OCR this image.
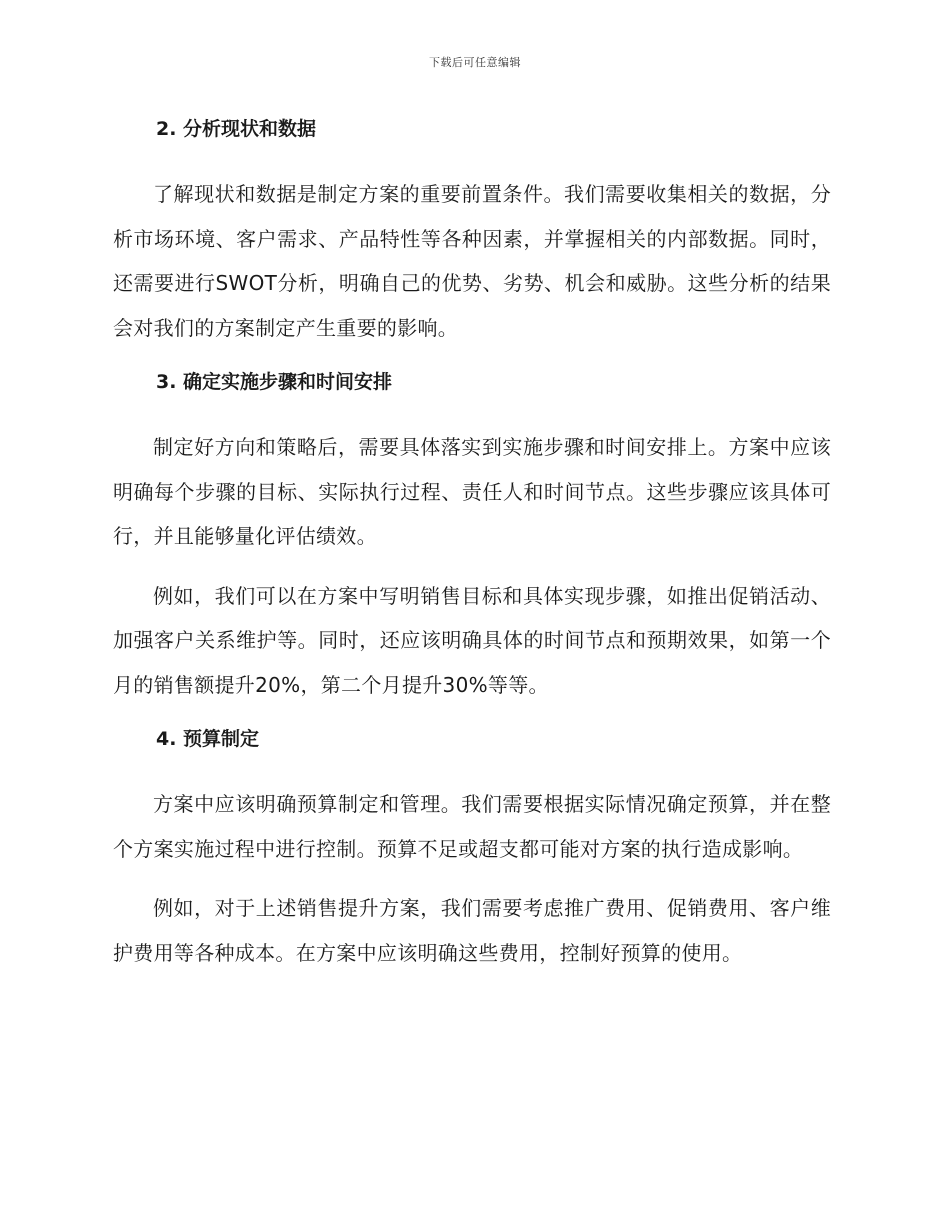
下载后可任意编辑
2. 分析现状和数据

了解现状和数据是制定方案的重要前置条件。我们需要收集相关的数据，分析市场环境、客户需求、产品特性等各种因素，并掌握相关的内部数据。同时，还需要进行SWOT分析，明确自己的优势、劣势、机会和威胁。这些分析的结果会对我们的方案制定产生重要的影响。

3. 确定实施步骤和时间安排

制定好方向和策略后，需要具体落实到实施步骤和时间安排上。方案中应该明确每个步骤的目标、实际执行过程、责任人和时间节点。这些步骤应该具体可行，并且能够量化评估绩效。

例如，我们可以在方案中写明销售目标和具体实现步骤，如推出促销活动、加强客户关系维护等。同时，还应该明确具体的时间节点和预期效果，如第一个月的销售额提升20%，第二个月提升30%等等。

4. 预算制定

方案中应该明确预算制定和管理。我们需要根据实际情况确定预算，并在整个方案实施过程中进行控制。预算不足或超支都可能对方案的执行造成影响。

例如，对于上述销售提升方案，我们需要考虑推广费用、促销费用、客户维护费用等各种成本。在方案中应该明确这些费用，控制好预算的使用。
